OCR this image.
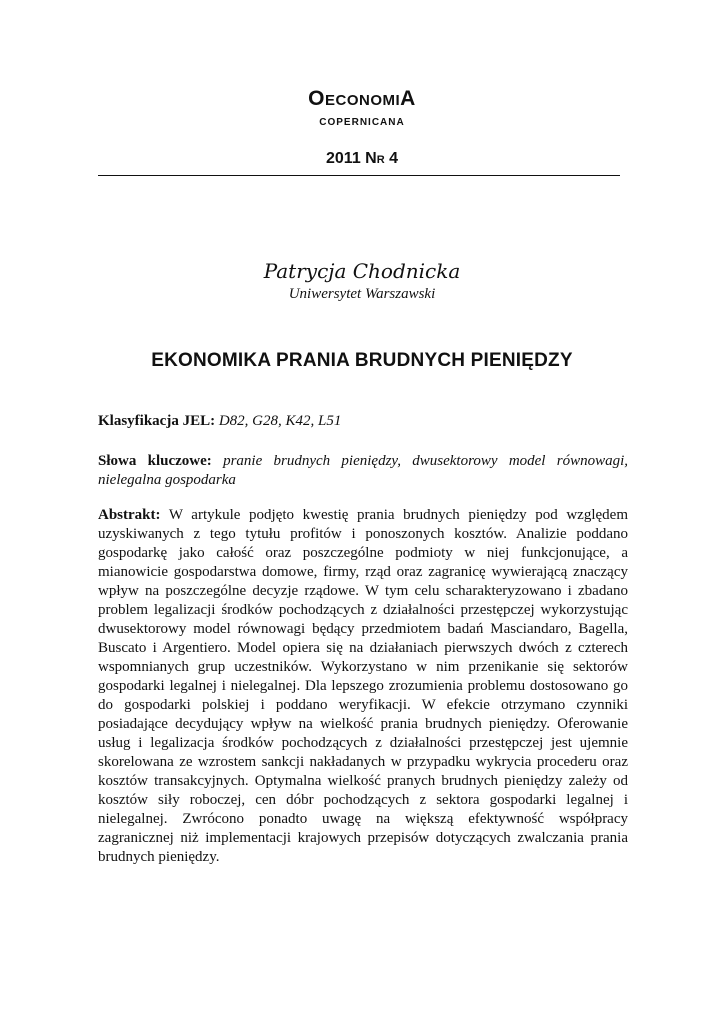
OeconomiA
copernicana
2011 Nr 4
Patrycja Chodnicka
Uniwersytet Warszawski
EKONOMIKA PRANIA BRUDNYCH PIENIĘDZY
Klasyfikacja JEL: D82, G28, K42, L51
Słowa kluczowe: pranie brudnych pieniędzy, dwusektorowy model równowagi, nielegalna gospodarka
Abstrakt: W artykule podjęto kwestię prania brudnych pieniędzy pod względem uzyskiwanych z tego tytułu profitów i ponoszonych kosztów. Analizie poddano gospodarkę jako całość oraz poszczególne podmioty w niej funkcjonujące, a mianowicie gospodarstwa domowe, firmy, rząd oraz zagranicę wywierającą znaczący wpływ na poszczególne decyzje rządowe. W tym celu scharakteryzowano i zbadano problem legalizacji środków pochodzących z działalności przestępczej wykorzystując dwusektorowy model równowagi będący przedmiotem badań Masciandaro, Bagella, Buscato i Argentiero. Model opiera się na działaniach pierwszych dwóch z czterech wspomnianych grup uczestników. Wykorzystano w nim przenikanie się sektorów gospodarki legalnej i nielegalnej. Dla lepszego zrozumienia problemu dostosowano go do gospodarki polskiej i poddano weryfikacji. W efekcie otrzymano czynniki posiadające decydujący wpływ na wielkość prania brudnych pieniędzy. Oferowanie usług i legalizacja środków pochodzących z działalności przestępczej jest ujemnie skorelowana ze wzrostem sankcji nakładanych w przypadku wykrycia procederu oraz kosztów transakcyjnych. Optymalna wielkość pranych brudnych pieniędzy zależy od kosztów siły roboczej, cen dóbr pochodzących z sektora gospodarki legalnej i nielegalnej. Zwrócono ponadto uwagę na większą efektywność współpracy zagranicznej niż implementacji krajowych przepisów dotyczących zwalczania prania brudnych pieniędzy.
